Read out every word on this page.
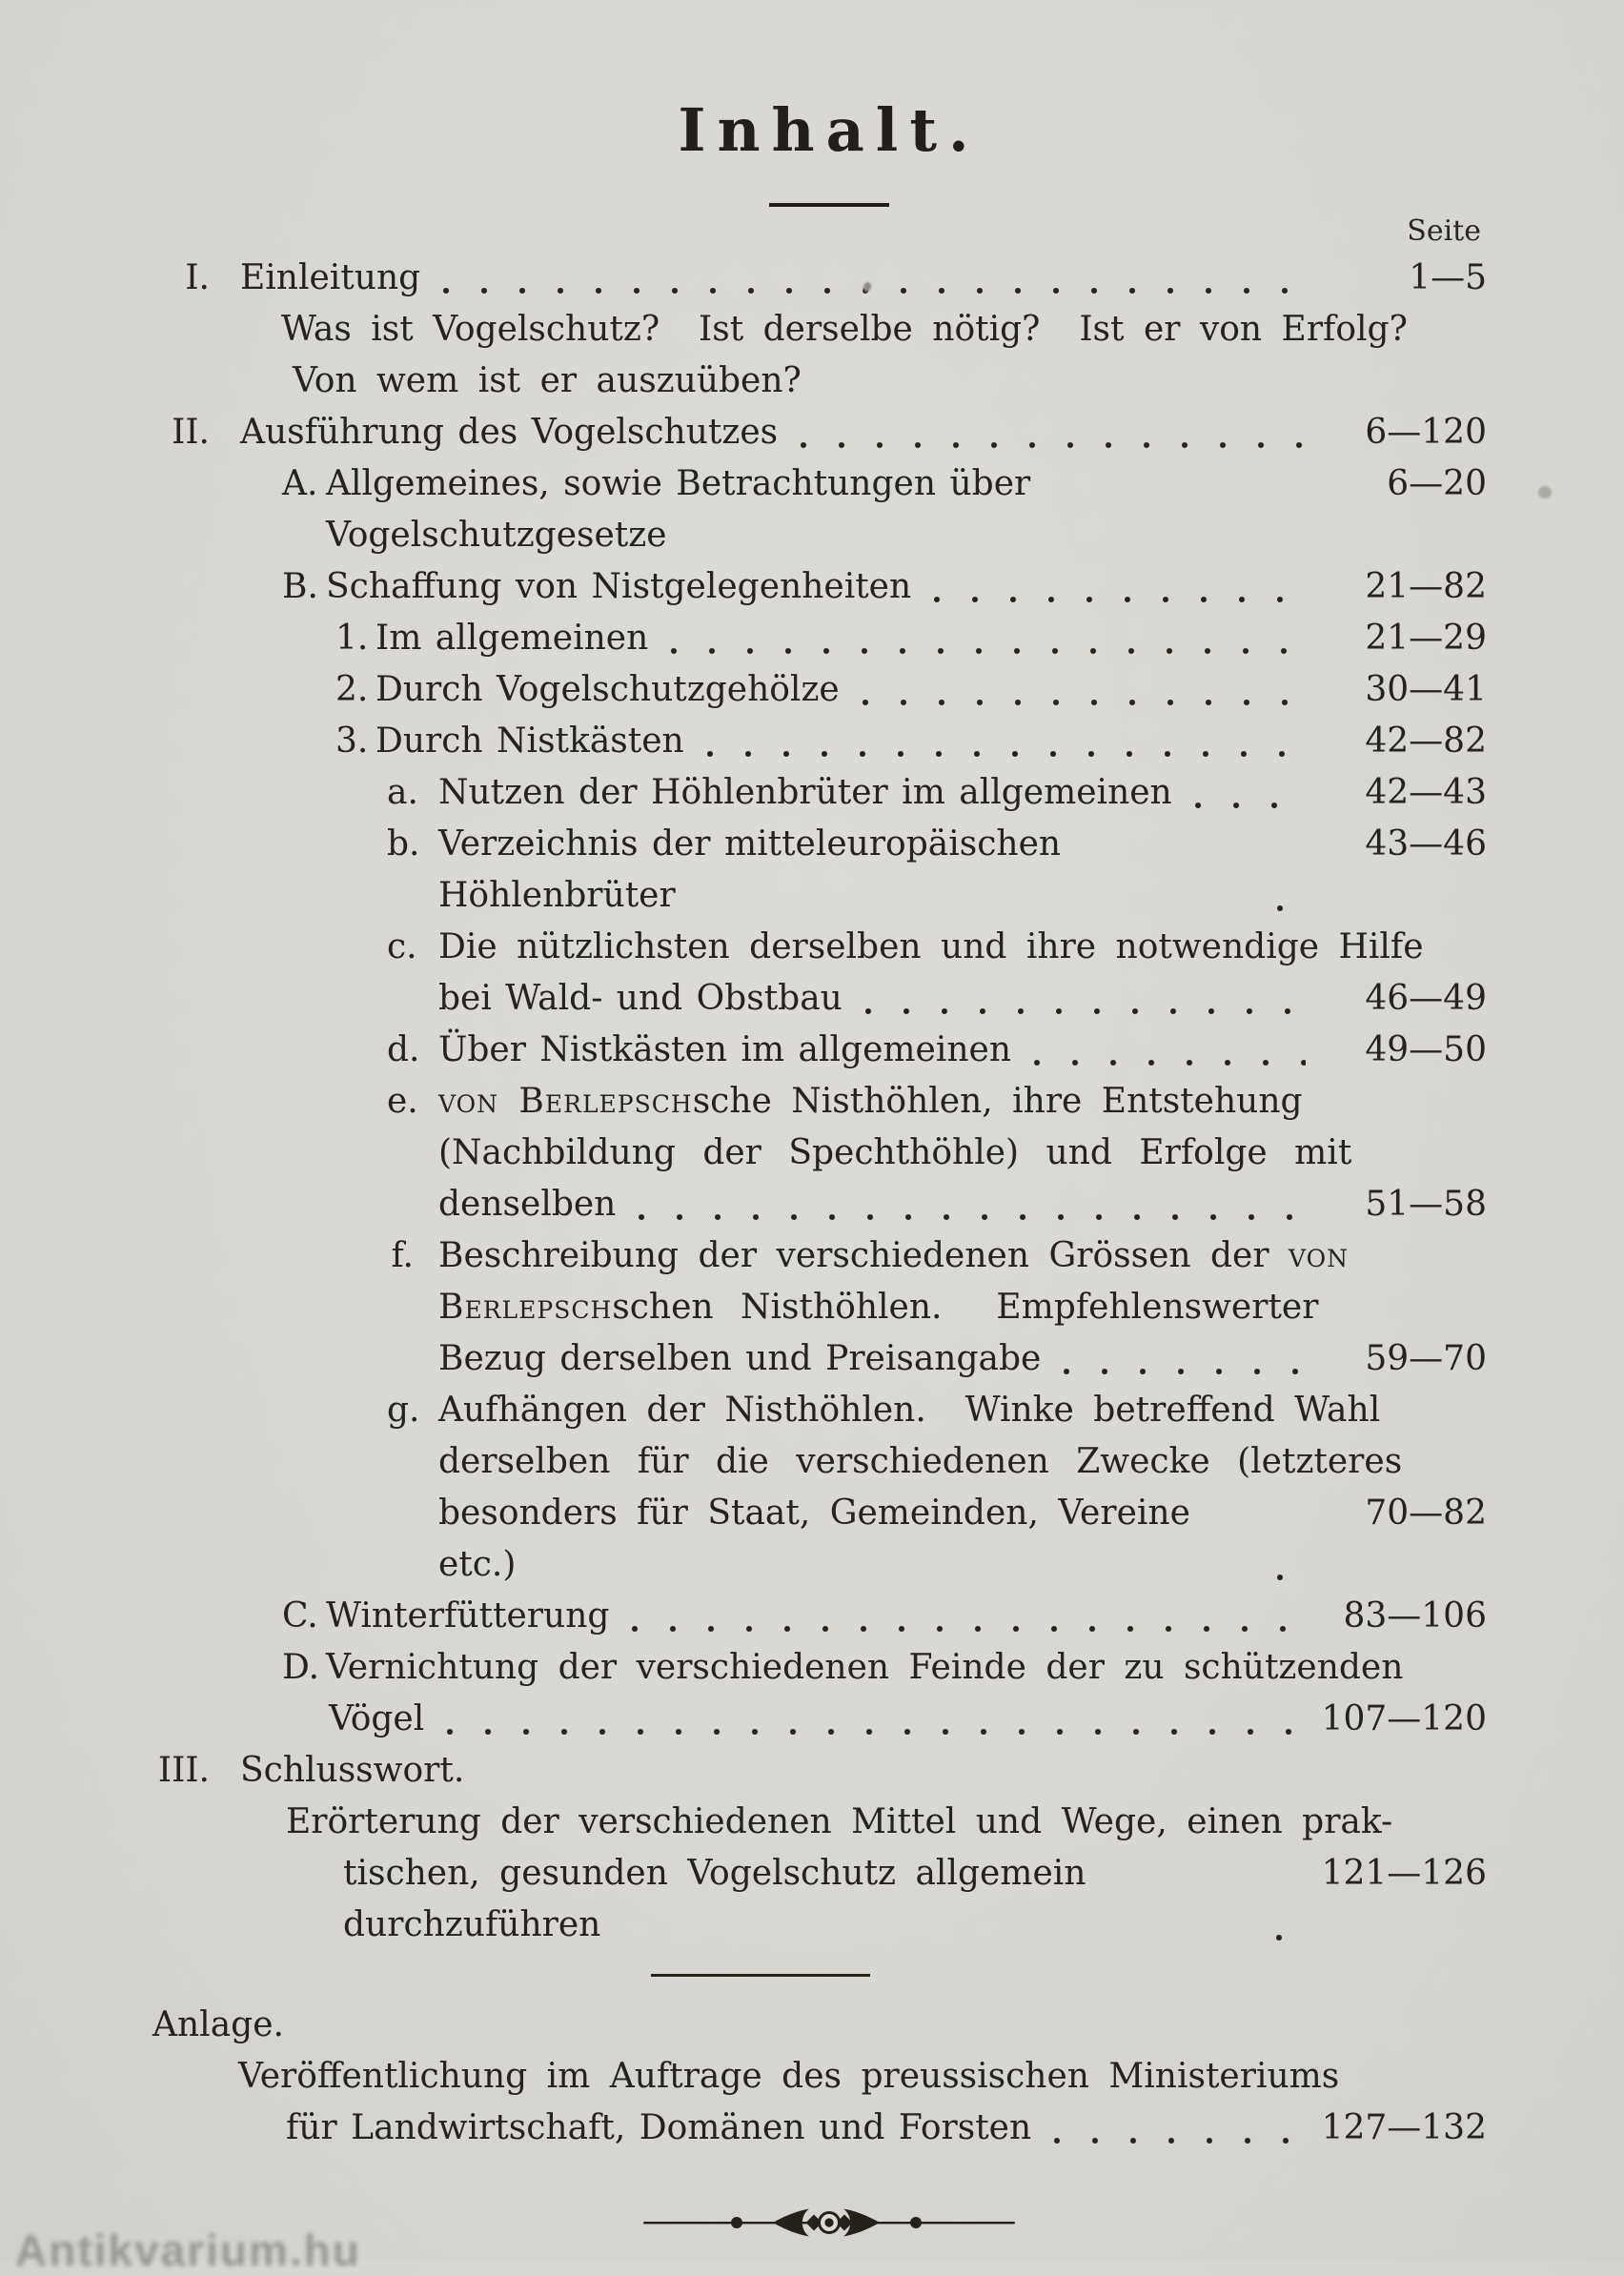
Inhalt.
Seite
I. Einleitung	1—5
Was ist Vogelschutz?  Ist derselbe nötig?  Ist er von Erfolg?
Von wem ist er auszuüben?
II. Ausführung des Vogelschutzes	6—120
A. Allgemeines, sowie Betrachtungen über Vogelschutzgesetze
6—20
B. Schaffung von Nistgelegenheiten	21—82
1. Im allgemeinen	21—29
2. Durch Vogelschutzgehölze	30—41
3. Durch Nistkästen	42—82
a. Nutzen der Höhlenbrüter im allgemeinen	42—43
b. Verzeichnis der mitteleuropäischen Höhlenbrüter
43—46
c. Die nützlichsten derselben und ihre notwendige Hilfe
bei Wald- und Obstbau	46—49
d. Über Nistkästen im allgemeinen	49—50
e. von Berlepschsche Nisthöhlen, ihre Entstehung
(Nachbildung der Spechthöhle) und Erfolge mit
denselben	51—58
f. Beschreibung der verschiedenen Grössen der von
Berlepschschen Nisthöhlen.  Empfehlenswerter
Bezug derselben und Preisangabe	59—70
g. Aufhängen der Nisthöhlen.  Winke betreffend Wahl
derselben für die verschiedenen Zwecke (letzteres
besonders für Staat, Gemeinden, Vereine etc.)
70—82
C. Winterfütterung	83—106
D. Vernichtung der verschiedenen Feinde der zu schützenden
Vögel	107—120
III. Schlusswort.
Erörterung der verschiedenen Mittel und Wege, einen prak-
tischen, gesunden Vogelschutz allgemein durchzuführen
121—126
Anlage.
Veröffentlichung im Auftrage des preussischen Ministeriums
für Landwirtschaft, Domänen und Forsten	127—132
Antikvarium.hu
